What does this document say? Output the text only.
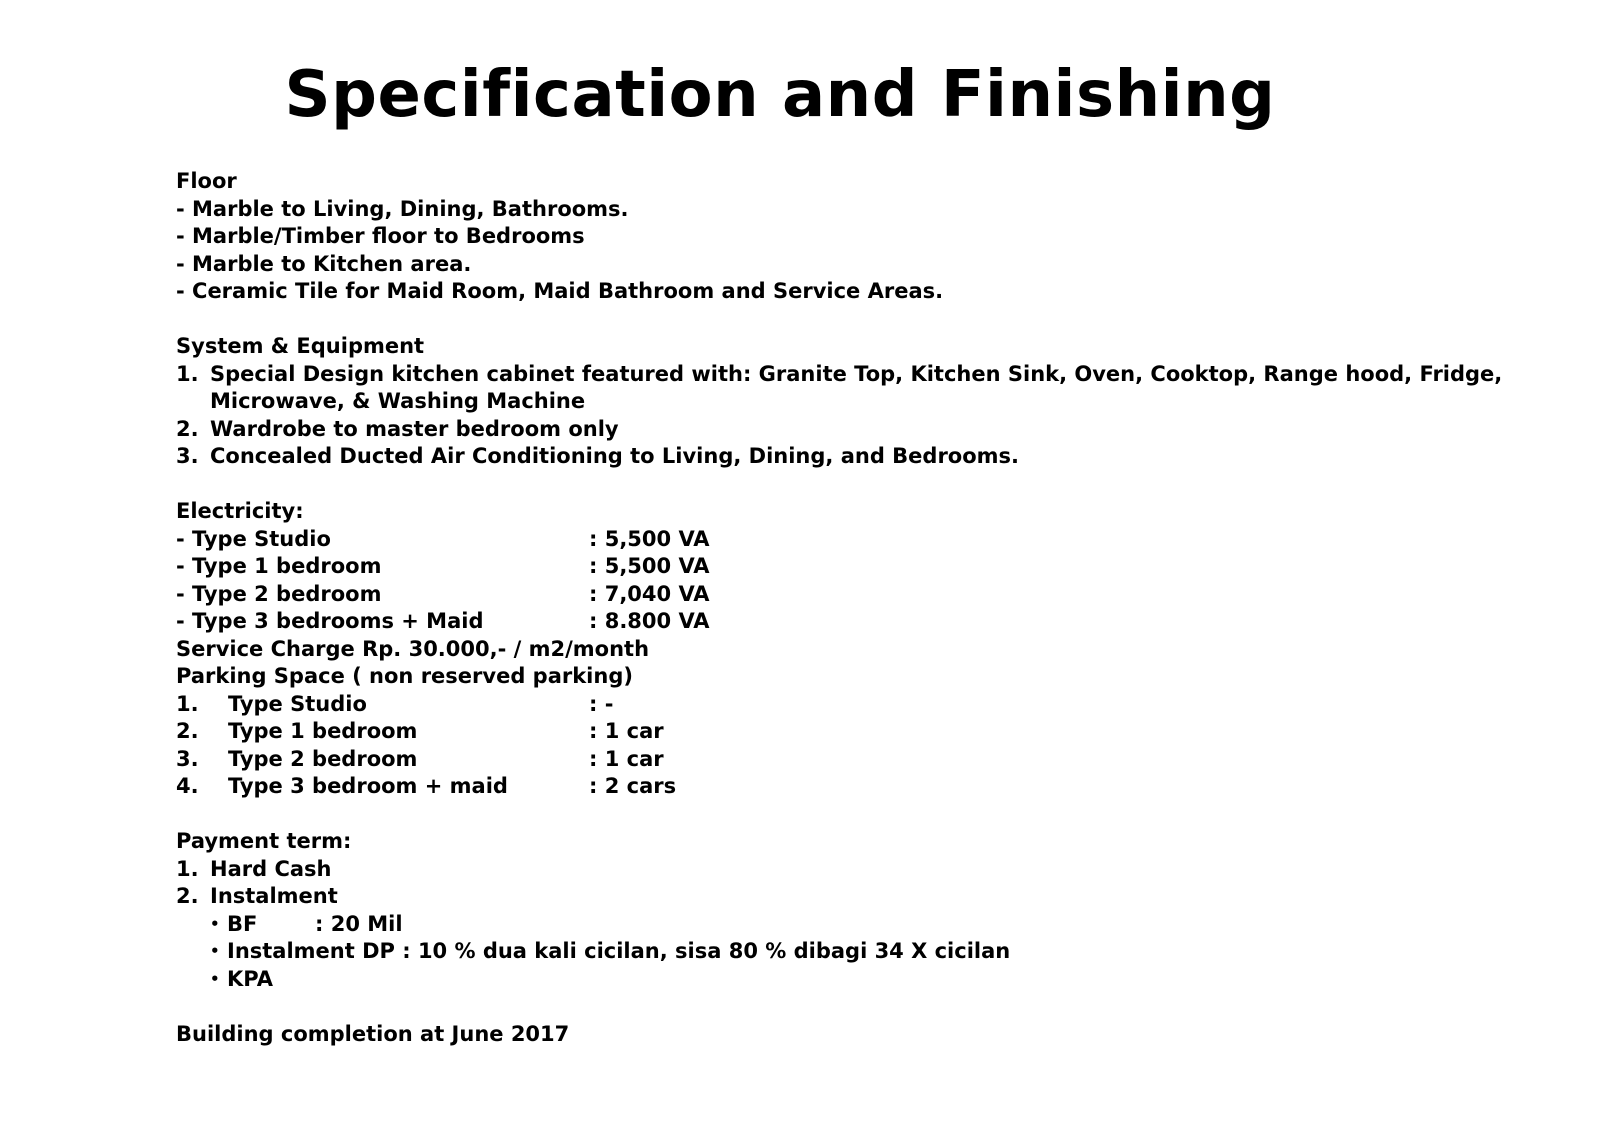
Specification and Finishing
Floor
- Marble to Living, Dining, Bathrooms.
- Marble/Timber floor to Bedrooms
- Marble to Kitchen area.
- Ceramic Tile for Maid Room, Maid Bathroom and Service Areas.
System & Equipment
1. Special Design kitchen cabinet featured with: Granite Top, Kitchen Sink, Oven, Cooktop, Range hood, Fridge,
Microwave, & Washing Machine
2. Wardrobe to master bedroom only
3. Concealed Ducted Air Conditioning to Living, Dining, and Bedrooms.
Electricity:
- Type Studio	: 5,500 VA
- Type 1 bedroom	: 5,500 VA
- Type 2 bedroom	: 7,040 VA
- Type 3 bedrooms + Maid	: 8.800 VA
Service Charge Rp. 30.000,- / m2/month
Parking Space ( non reserved parking)
1. Type Studio	: -
2. Type 1 bedroom	: 1 car
3. Type 2 bedroom	: 1 car
4. Type 3 bedroom + maid	: 2 cars
Payment term:
1. Hard Cash
2. Instalment
• BF	: 20 Mil
• Instalment DP : 10 % dua kali cicilan, sisa 80 % dibagi 34 X cicilan
• KPA
Building completion at June 2017
